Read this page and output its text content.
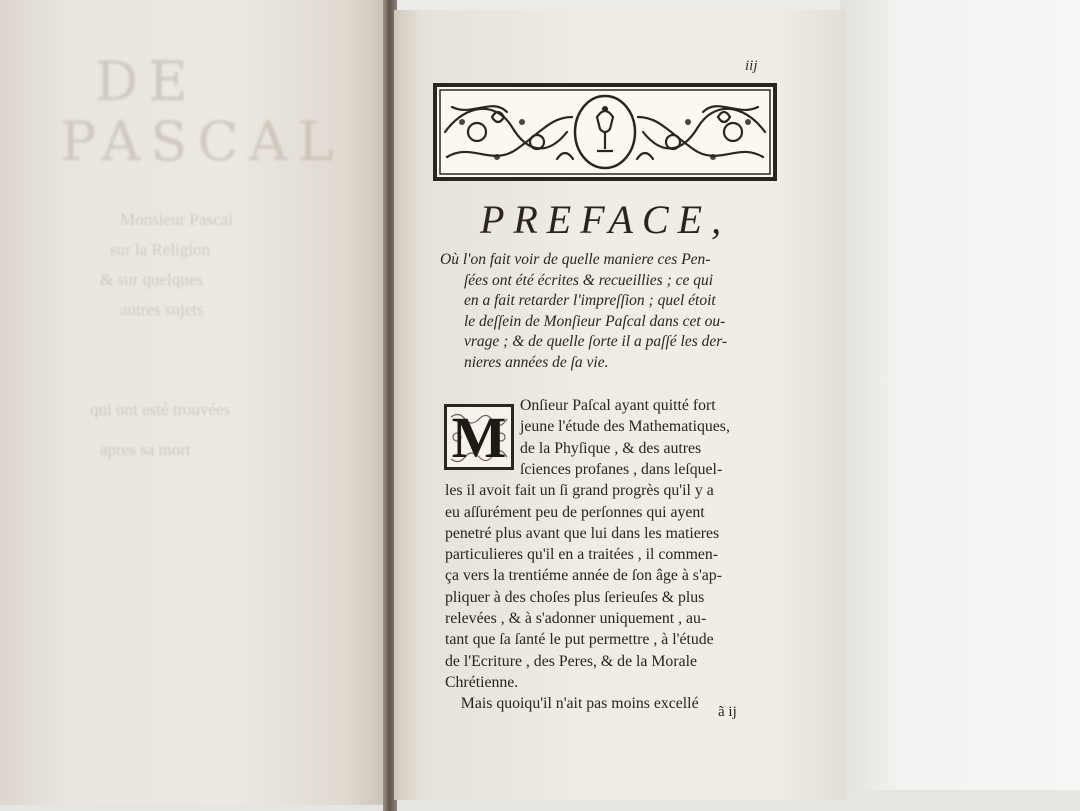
DE
PASCAL
Monsieur Pascal
sur la Religion
& sur quelques
autres sujets
qui ont esté trouvées
apres sa mort
iij
PREFACE,
Où l'on fait voir de quelle maniere ces Pen-
ſées ont été écrites & recueillies ; ce qui
en a fait retarder l'impreſſion ; quel étoit
le deſſein de Monſieur Paſcal dans cet ou-
vrage ; & de quelle ſorte il a paſſé les der-
nieres années de ſa vie.
M Onſieur Paſcal ayant quitté fort
jeune l'étude des Mathematiques,
de la Phyſique , & des autres
ſciences profanes , dans leſquel-
les il avoit fait un ſi grand progrès qu'il y a
eu aſſurément peu de perſonnes qui ayent
penetré plus avant que lui dans les matieres
particulieres qu'il en a traitées , il commen-
ça vers la trentiéme année de ſon âge à s'ap-
pliquer à des choſes plus ſerieuſes & plus
relevées , & à s'adonner uniquement , au-
tant que ſa ſanté le put permettre , à l'étude
de l'Ecriture , des Peres, & de la Morale
Chrétienne.
Mais quoiqu'il n'ait pas moins excellé	ã ij
